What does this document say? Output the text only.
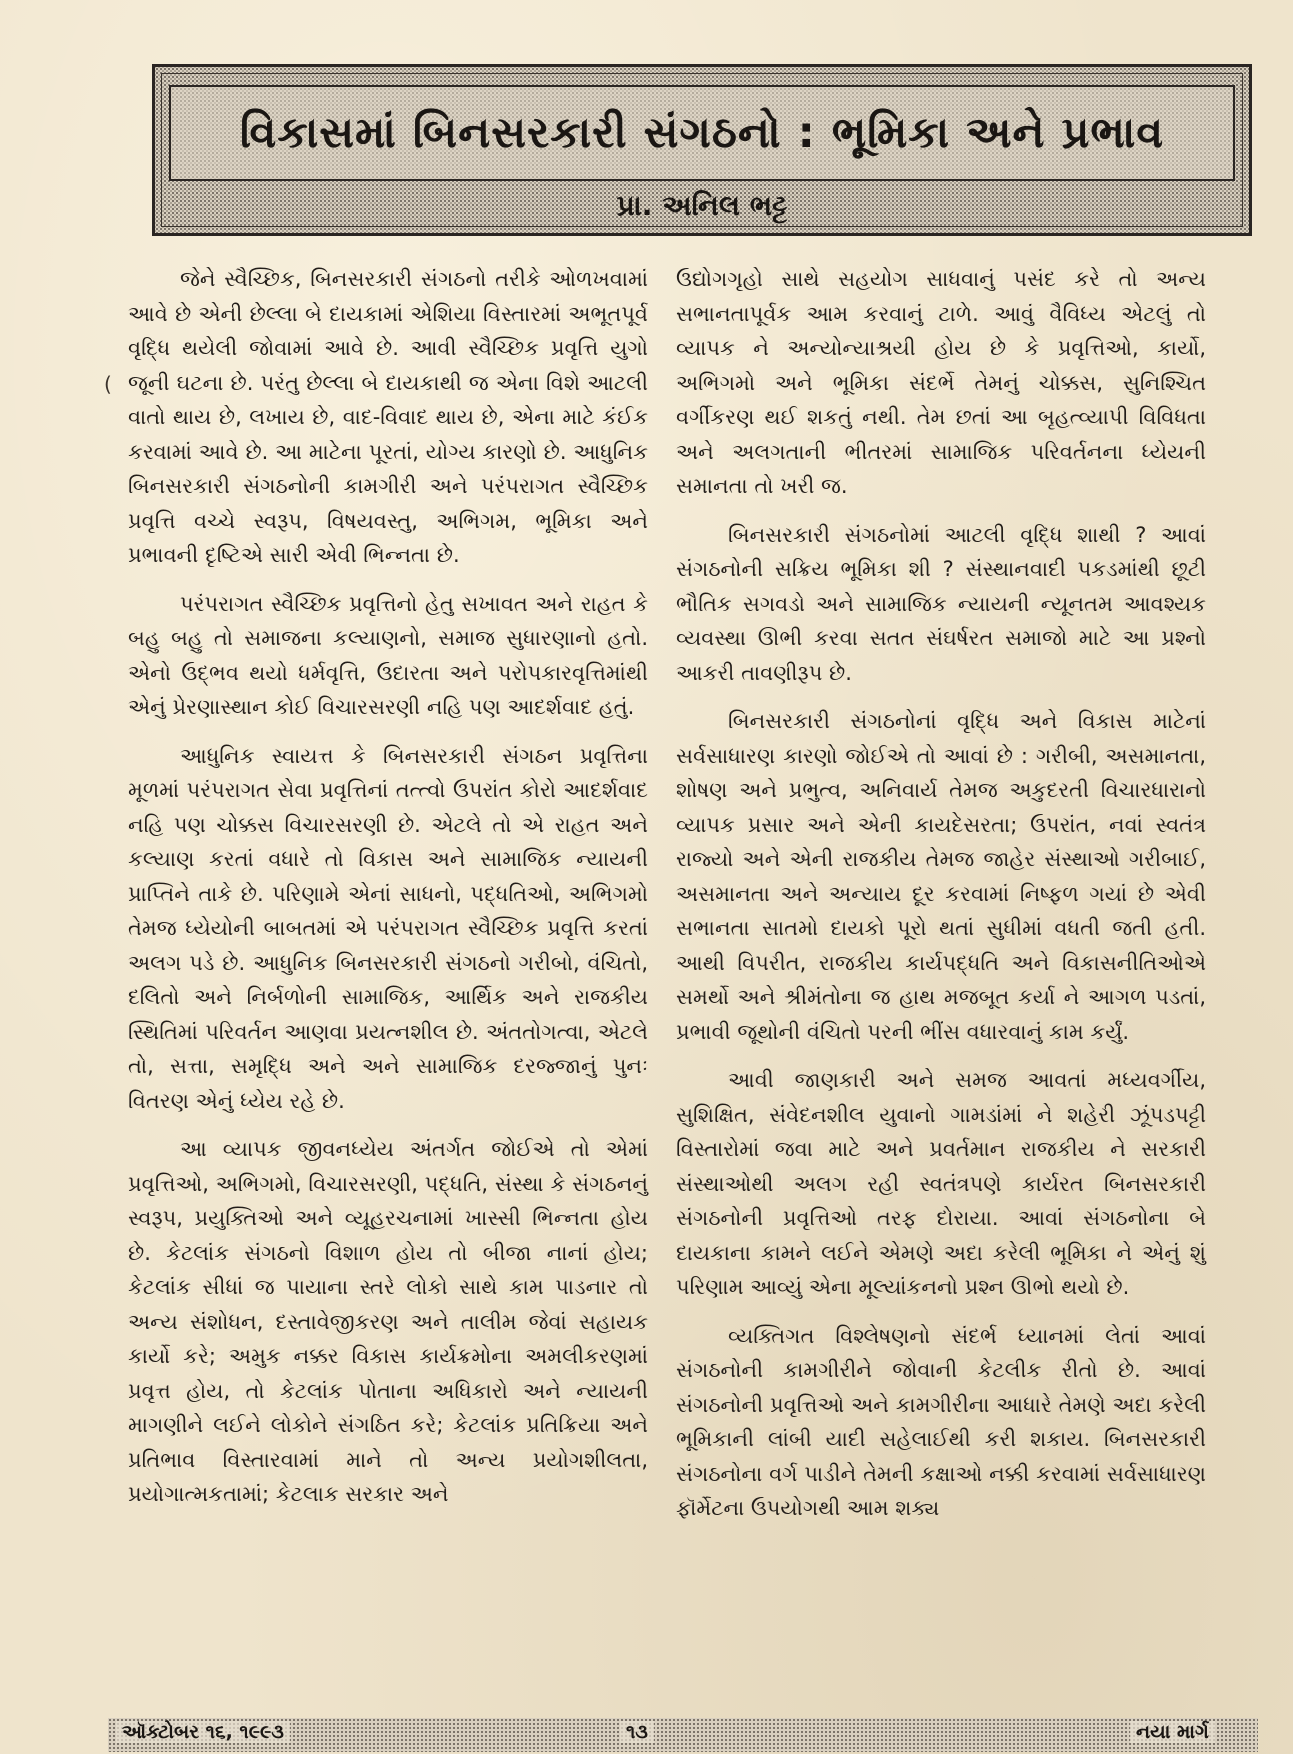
વિકાસમાં બિનસરકારી સંગઠનો : ભૂમિકા અને પ્રભાવ
પ્રા. અનિલ ભટ્ટ

જેને સ્વૈચ્છિક, બિનસરકારી સંગઠનો તરીકે ઓળખવામાં આવે છે એની છેલ્લા બે દાયકામાં એશિયા વિસ્તારમાં અભૂતપૂર્વ વૃદ્ધિ થયેલી જોવામાં આવે છે. આવી સ્વૈચ્છિક પ્રવૃત્તિ યુગો જૂની ઘટના છે. પરંતુ છેલ્લા બે દાયકાથી જ એના વિશે આટલી વાતો થાય છે, લખાય છે, વાદ-વિવાદ થાય છે, એના માટે કંઈક કરવામાં આવે છે. આ માટેના પૂરતાં, યોગ્ય કારણો છે. આધુનિક બિનસરકારી સંગઠનોની કામગીરી અને પરંપરાગત સ્વૈચ્છિક પ્રવૃત્તિ વચ્ચે સ્વરૂપ, વિષયવસ્તુ, અભિગમ, ભૂમિકા અને પ્રભાવની દૃષ્ટિએ સારી એવી ભિન્નતા છે.

પરંપરાગત સ્વૈચ્છિક પ્રવૃત્તિનો હેતુ સખાવત અને રાહત કે બહુ બહુ તો સમાજના કલ્યાણનો, સમાજ સુધારણાનો હતો. એનો ઉદ્ભવ થયો ધર્મવૃત્તિ, ઉદારતા અને પરોપકારવૃત્તિમાંથી એનું પ્રેરણાસ્થાન કોઈ વિચારસરણી નહિ પણ આદર્શવાદ હતું.

આધુનિક સ્વાયત્ત કે બિનસરકારી સંગઠન પ્રવૃત્તિના મૂળમાં પરંપરાગત સેવા પ્રવૃત્તિનાં તત્ત્વો ઉપરાંત કોરો આદર્શવાદ નહિ પણ ચોક્કસ વિચારસરણી છે. એટલે તો એ રાહત અને કલ્યાણ કરતાં વધારે તો વિકાસ અને સામાજિક ન્યાયની પ્રાપ્તિને તાકે છે. પરિણામે એનાં સાધનો, પદ્ધતિઓ, અભિગમો તેમજ ધ્યેયોની બાબતમાં એ પરંપરાગત સ્વૈચ્છિક પ્રવૃત્તિ કરતાં અલગ પડે છે. આધુનિક બિનસરકારી સંગઠનો ગરીબો, વંચિતો, દલિતો અને નિર્બળોની સામાજિક, આર્થિક અને રાજકીય સ્થિતિમાં પરિવર્તન આણવા પ્રયત્નશીલ છે. અંતતોગત્વા, એટલે તો, સત્તા, સમૃદ્ધિ અને અને સામાજિક દરજ્જાનું પુનઃ વિતરણ એનું ધ્યેય રહે છે.

આ વ્યાપક જીવનધ્યેય અંતર્ગત જોઈએ તો એમાં પ્રવૃત્તિઓ, અભિગમો, વિચારસરણી, પદ્ધતિ, સંસ્થા કે સંગઠનનું સ્વરૂપ, પ્રયુક્તિઓ અને વ્યૂહરચનામાં ખાસ્સી ભિન્નતા હોય છે. કેટલાંક સંગઠનો વિશાળ હોય તો બીજા નાનાં હોય; કેટલાંક સીધાં જ પાયાના સ્તરે લોકો સાથે કામ પાડનાર તો અન્ય સંશોધન, દસ્તાવેજીકરણ અને તાલીમ જેવાં સહાયક કાર્યો કરે; અમુક નક્કર વિકાસ કાર્યક્રમોના અમલીકરણમાં પ્રવૃત્ત હોય, તો કેટલાંક પોતાના અધિકારો અને ન્યાયની માગણીને લઈને લોકોને સંગઠિત કરે; કેટલાંક પ્રતિક્રિયા અને પ્રતિભાવ વિસ્તારવામાં માને તો અન્ય પ્રયોગશીલતા, પ્રયોગાત્મકતામાં; કેટલાક સરકાર અને

ઉદ્યોગગૃહો સાથે સહયોગ સાધવાનું પસંદ કરે તો અન્ય સભાનતાપૂર્વક આમ કરવાનું ટાળે. આવું વૈવિધ્ય એટલું તો વ્યાપક ને અન્યોન્યાશ્રયી હોય છે કે પ્રવૃત્તિઓ, કાર્યો, અભિગમો અને ભૂમિકા સંદર્ભે તેમનું ચોક્કસ, સુનિશ્ચિત વર્ગીકરણ થઈ શકતું નથી. તેમ છતાં આ બૃહત્વ્યાપી વિવિધતા અને અલગતાની ભીતરમાં સામાજિક પરિવર્તનના ધ્યેયની સમાનતા તો ખરી જ.

બિનસરકારી સંગઠનોમાં આટલી વૃદ્ધિ શાથી ? આવાં સંગઠનોની સક્રિય ભૂમિકા શી ? સંસ્થાનવાદી પકડમાંથી છૂટી ભૌતિક સગવડો અને સામાજિક ન્યાયની ન્યૂનતમ આવશ્યક વ્યવસ્થા ઊભી કરવા સતત સંઘર્ષરત સમાજો માટે આ પ્રશ્નો આકરી તાવણીરૂપ છે.

બિનસરકારી સંગઠનોનાં વૃદ્ધિ અને વિકાસ માટેનાં સર્વસાધારણ કારણો જોઈએ તો આવાં છે : ગરીબી, અસમાનતા, શોષણ અને પ્રભુત્વ, અનિવાર્ય તેમજ અકુદરતી વિચારધારાનો વ્યાપક પ્રસાર અને એની કાયદેસરતા; ઉપરાંત, નવાં સ્વતંત્ર રાજ્યો અને એની રાજકીય તેમજ જાહેર સંસ્થાઓ ગરીબાઈ, અસમાનતા અને અન્યાય દૂર કરવામાં નિષ્ફળ ગયાં છે એવી સભાનતા સાતમો દાયકો પૂરો થતાં સુધીમાં વધતી જતી હતી. આથી વિપરીત, રાજકીય કાર્યપદ્ધતિ અને વિકાસનીતિઓએ સમર્થો અને શ્રીમંતોના જ હાથ મજબૂત કર્યા ને આગળ પડતાં, પ્રભાવી જૂથોની વંચિતો પરની ભીંસ વધારવાનું કામ કર્યું.

આવી જાણકારી અને સમજ આવતાં મધ્યવર્ગીય, સુશિક્ષિત, સંવેદનશીલ યુવાનો ગામડાંમાં ને શહેરી ઝૂંપડપટ્ટી વિસ્તારોમાં જવા માટે અને પ્રવર્તમાન રાજકીય ને સરકારી સંસ્થાઓથી અલગ રહી સ્વતંત્રપણે કાર્યરત બિનસરકારી સંગઠનોની પ્રવૃત્તિઓ તરફ દોરાયા. આવાં સંગઠનોના બે દાયકાના કામને લઈને એમણે અદા કરેલી ભૂમિકા ને એનું શું પરિણામ આવ્યું એના મૂલ્યાંકનનો પ્રશ્ન ઊભો થયો છે.

વ્યક્તિગત વિશ્લેષણનો સંદર્ભ ધ્યાનમાં લેતાં આવાં સંગઠનોની કામગીરીને જોવાની કેટલીક રીતો છે. આવાં સંગઠનોની પ્રવૃત્તિઓ અને કામગીરીના આધારે તેમણે અદા કરેલી ભૂમિકાની લાંબી યાદી સહેલાઈથી કરી શકાય. બિનસરકારી સંગઠનોના વર્ગ પાડીને તેમની કક્ષાઓ નક્કી કરવામાં સર્વસાધારણ ફૉર્મેટના ઉપયોગથી આમ શક્ય

(
ઑક્ટોબર ૧૬, ૧૯૯૩	૧૩	નયા માર્ગ
